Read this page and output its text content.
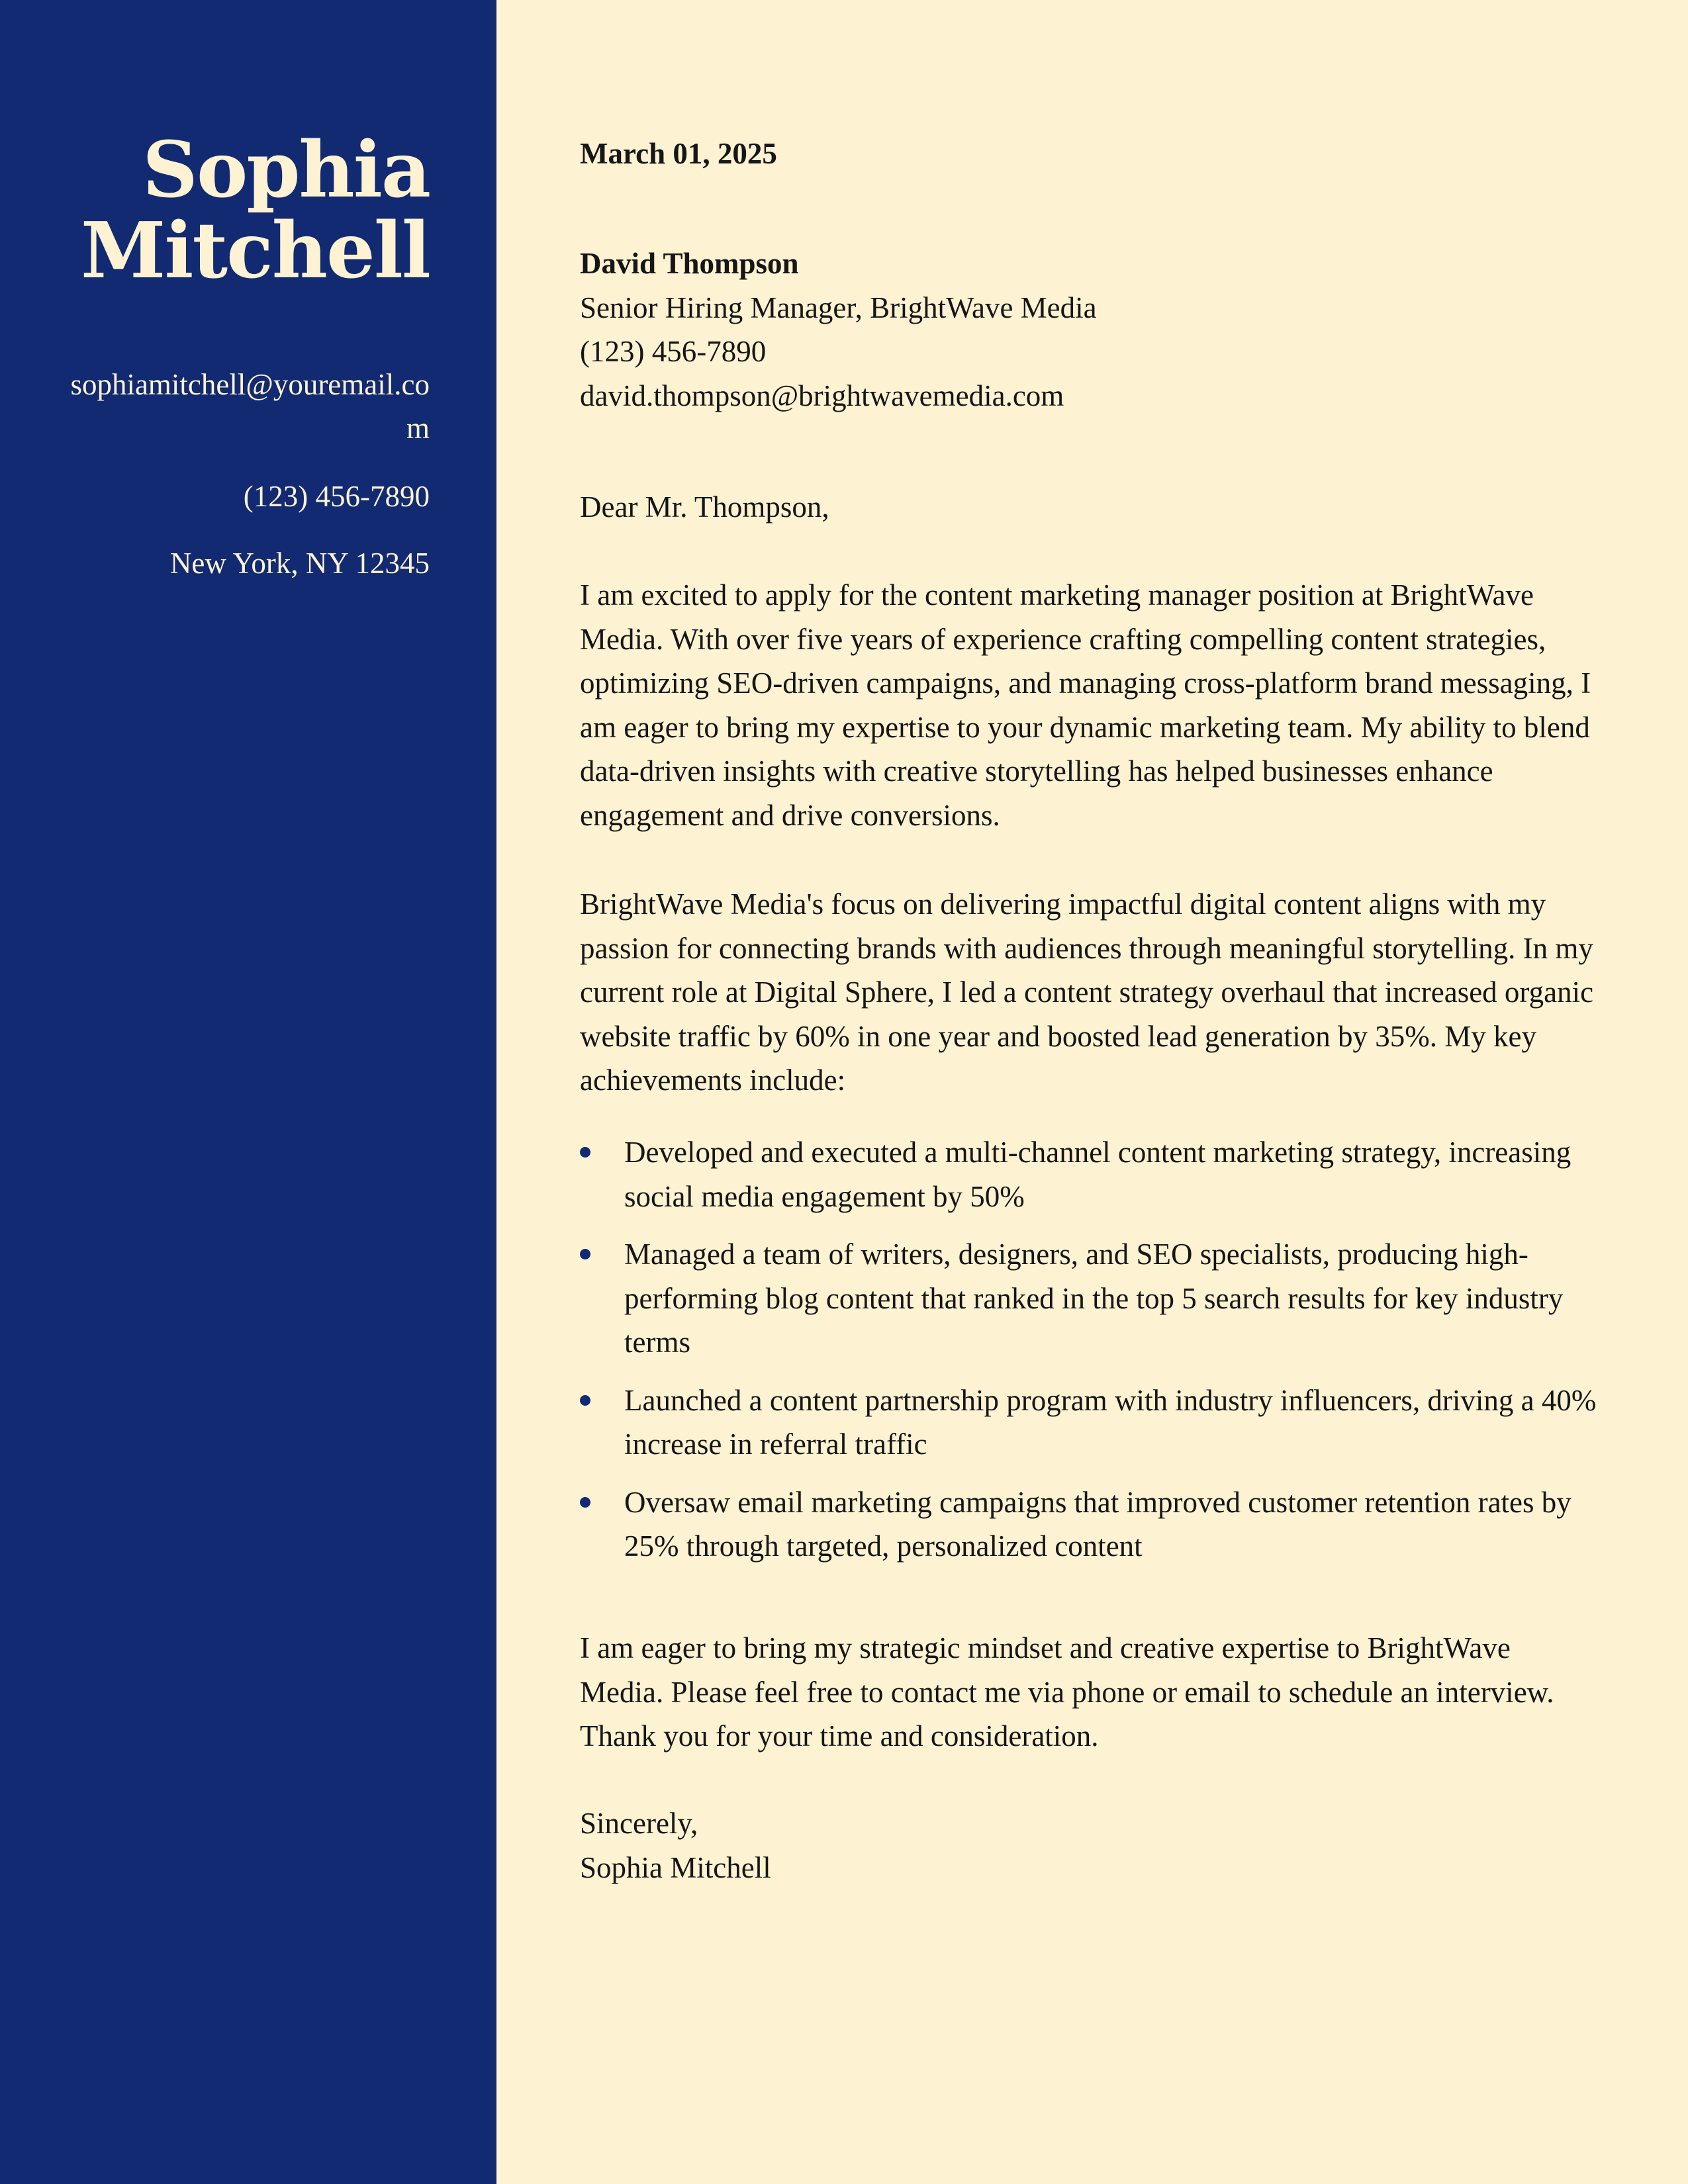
Sophia
Mitchell
sophiamitchell@youremail.com
(123) 456-7890
New York, NY 12345
March 01, 2025
David Thompson
Senior Hiring Manager, BrightWave Media
(123) 456-7890
david.thompson@brightwavemedia.com
Dear Mr. Thompson,

I am excited to apply for the content marketing manager position at BrightWave Media. With over five years of experience crafting compelling content strategies, optimizing SEO-driven campaigns, and managing cross-platform brand messaging, I am eager to bring my expertise to your dynamic marketing team. My ability to blend data-driven insights with creative storytelling has helped businesses enhance engagement and drive conversions.

BrightWave Media's focus on delivering impactful digital content aligns with my passion for connecting brands with audiences through meaningful storytelling. In my current role at Digital Sphere, I led a content strategy overhaul that increased organic website traffic by 60% in one year and boosted lead generation by 35%. My key achievements include:

Developed and executed a multi-channel content marketing strategy, increasing social media engagement by 50%
Managed a team of writers, designers, and SEO specialists, producing high-performing blog content that ranked in the top 5 search results for key industry terms
Launched a content partnership program with industry influencers, driving a 40% increase in referral traffic
Oversaw email marketing campaigns that improved customer retention rates by 25% through targeted, personalized content

I am eager to bring my strategic mindset and creative expertise to BrightWave Media. Please feel free to contact me via phone or email to schedule an interview. Thank you for your time and consideration.

Sincerely,
Sophia Mitchell
